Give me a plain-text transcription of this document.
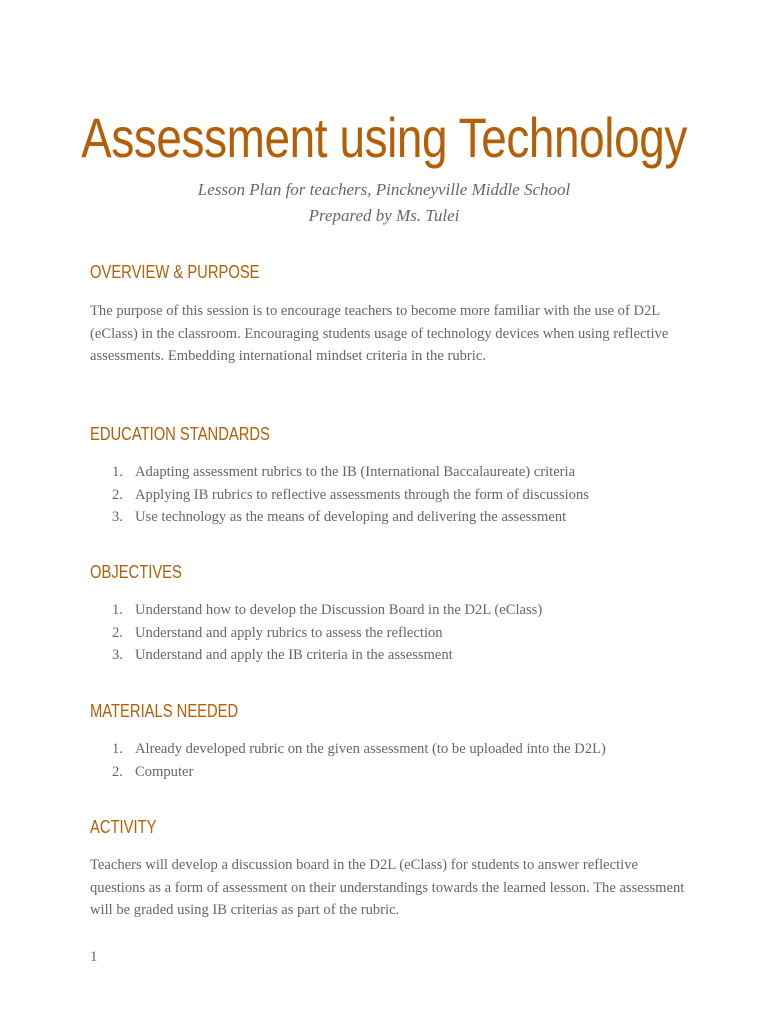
Assessment using Technology
Lesson Plan for teachers, Pinckneyville Middle School
Prepared by Ms. Tulei
OVERVIEW & PURPOSE
The purpose of this session is to encourage teachers to become more familiar with the use of D2L (eClass) in the classroom. Encouraging students usage of technology devices when using reflective assessments. Embedding international mindset criteria in the rubric.
EDUCATION STANDARDS
1. Adapting assessment rubrics to the IB (International Baccalaureate) criteria
2. Applying IB rubrics to reflective assessments through the form of discussions
3. Use technology as the means of developing and delivering the assessment
OBJECTIVES
1. Understand how to develop the Discussion Board in the D2L (eClass)
2. Understand and apply rubrics to assess the reflection
3. Understand and apply the IB criteria in the assessment
MATERIALS NEEDED
1. Already developed rubric on the given assessment (to be uploaded into the D2L)
2. Computer
ACTIVITY
Teachers will develop a discussion board in the D2L (eClass) for students to answer reflective questions as a form of assessment on their understandings towards the learned lesson. The assessment will be graded using IB criterias as part of the rubric.
1
